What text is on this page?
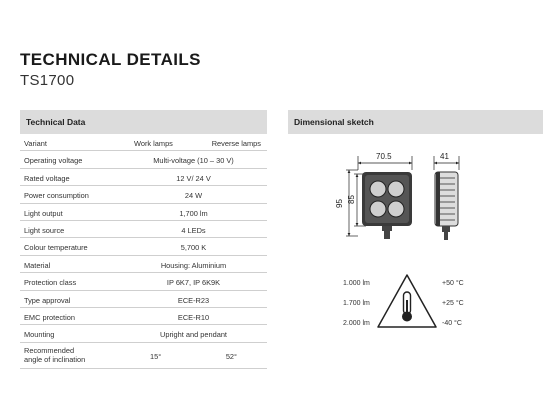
TECHNICAL DETAILS
TS1700
Technical Data	Dimensional sketch
Variant	Work lamps	Reverse lamps
Operating voltage	Multi-voltage (10 – 30 V)
Rated voltage	12 V/ 24 V
Power consumption	24 W
Light output	1,700 lm
Light source	4 LEDs
Colour temperature	5,700 K
Material	Housing: Aluminium
Protection class	IP 6K7, IP 6K9K
Type approval	ECE-R23
EMC protection	ECE-R10
Mounting	Upright and pendant
Recommended
angle of inclination	15°	52°
70.5	41
95 85
1.000 lm
1.700 lm
2.000 lm
+50 °C
+25 °C
-40 °C
